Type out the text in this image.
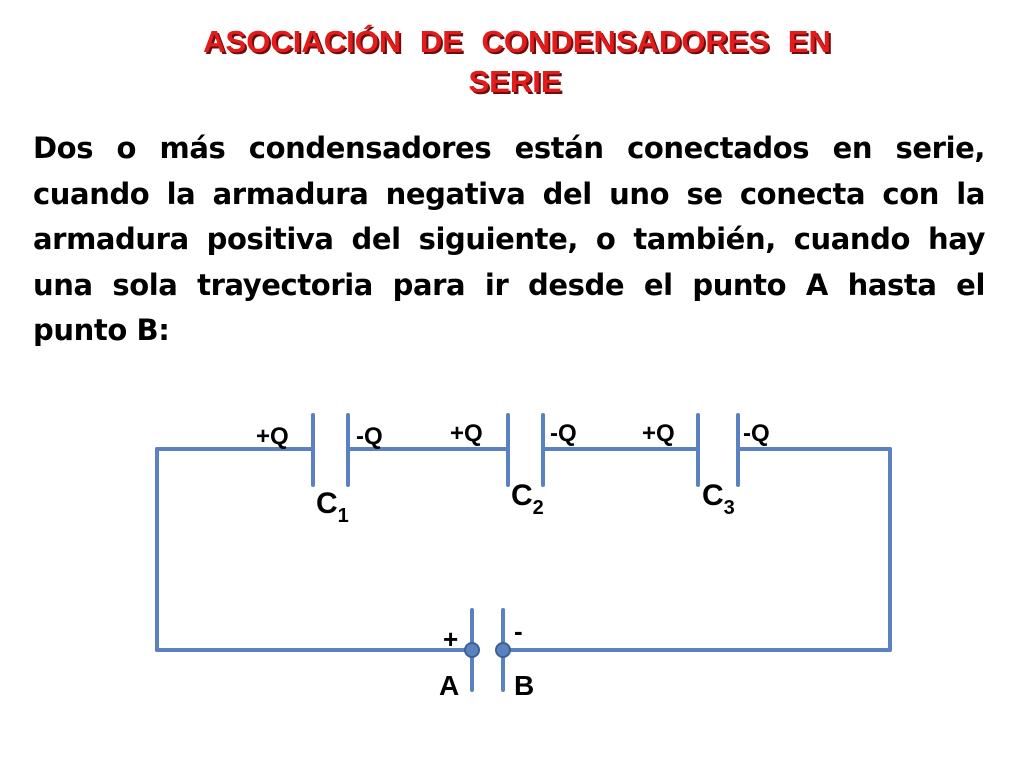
ASOCIACIÓN DE CONDENSADORES EN
SERIE
Dos o más condensadores están conectados en serie, cuando la armadura negativa del uno se conecta con la armadura positiva del siguiente, o también, cuando hay una sola trayectoria para ir desde el punto A hasta el punto B:
+Q	-Q
$C_1$
+Q	-Q
$C_2$
+Q	-Q
$C_3$
+ -
A B
